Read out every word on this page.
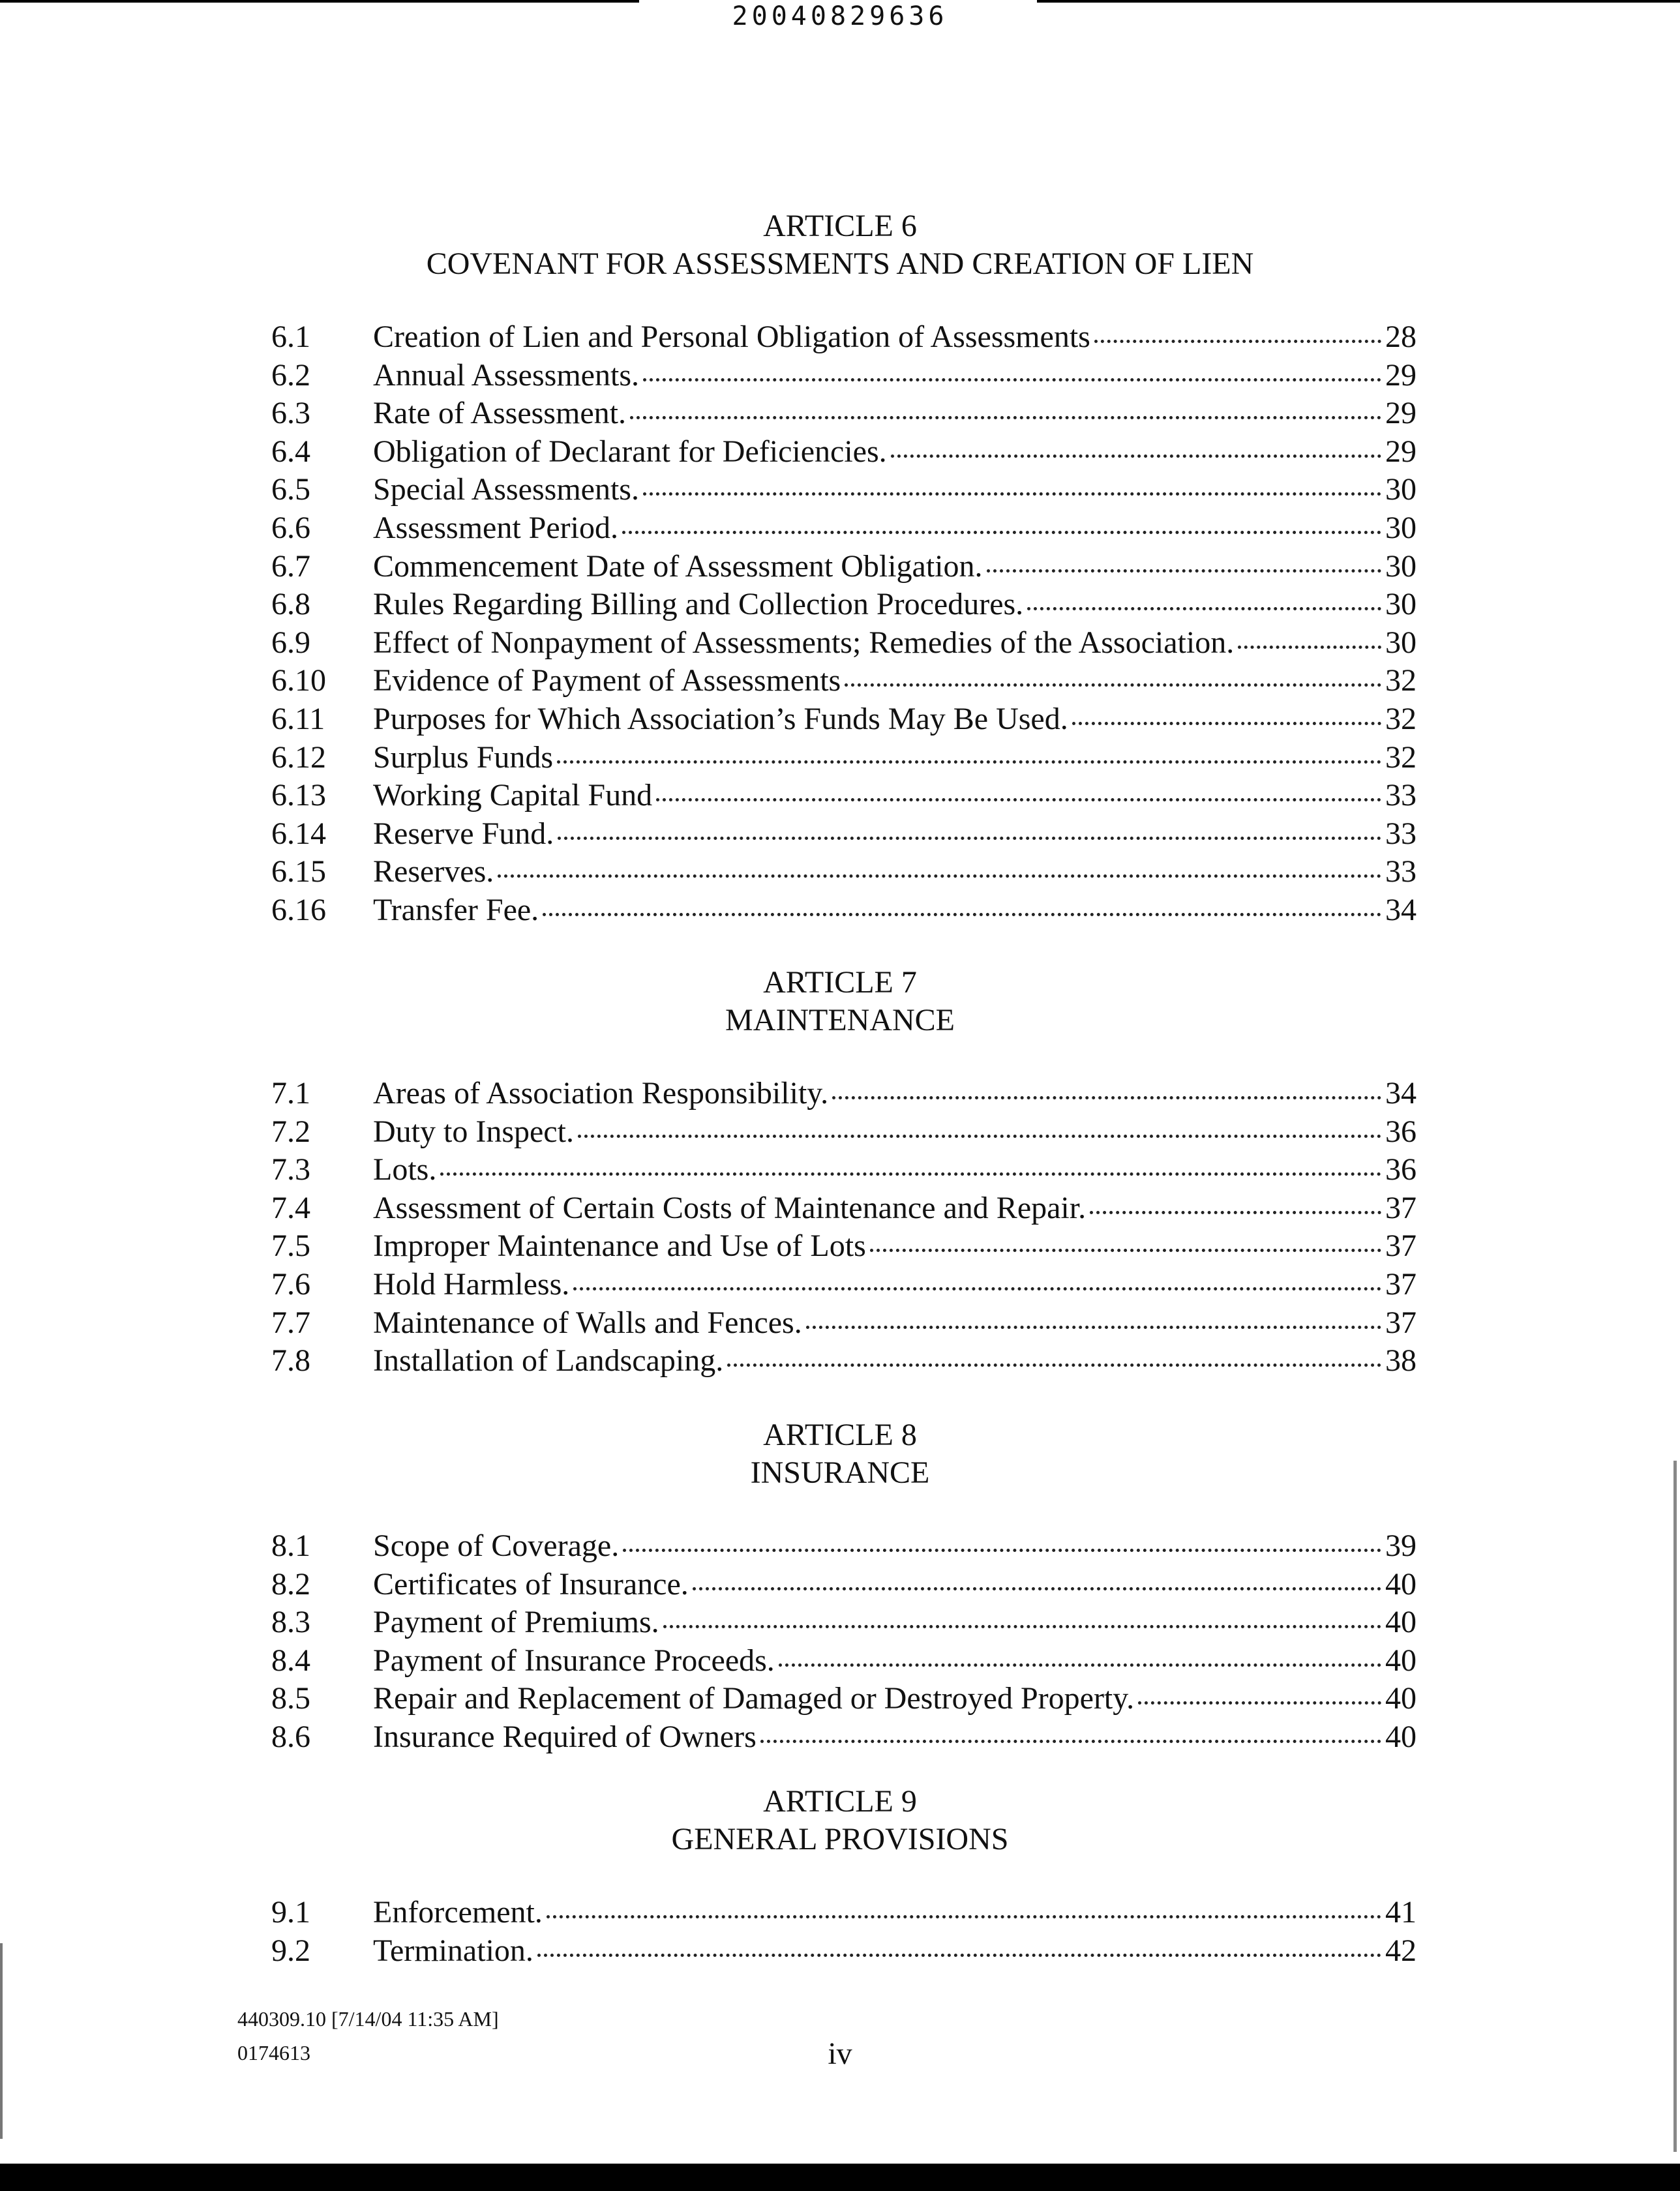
20040829636
ARTICLE 6
COVENANT FOR ASSESSMENTS AND CREATION OF LIEN
6.1 Creation of Lien and Personal Obligation of Assessments	28
6.2 Annual Assessments.	29
6.3 Rate of Assessment.	29
6.4 Obligation of Declarant for Deficiencies.	29
6.5 Special Assessments.	30
6.6 Assessment Period.	30
6.7 Commencement Date of Assessment Obligation.	30
6.8 Rules Regarding Billing and Collection Procedures.	30
6.9 Effect of Nonpayment of Assessments; Remedies of the Association.	30
6.10 Evidence of Payment of Assessments	32
6.11 Purposes for Which Association’s Funds May Be Used.	32
6.12 Surplus Funds	32
6.13 Working Capital Fund	33
6.14 Reserve Fund.	33
6.15 Reserves.	33
6.16 Transfer Fee.	34
ARTICLE 7
MAINTENANCE
7.1 Areas of Association Responsibility.	34
7.2 Duty to Inspect.	36
7.3 Lots.	36
7.4 Assessment of Certain Costs of Maintenance and Repair.	37
7.5 Improper Maintenance and Use of Lots	37
7.6 Hold Harmless.	37
7.7 Maintenance of Walls and Fences.	37
7.8 Installation of Landscaping.	38
ARTICLE 8
INSURANCE
8.1 Scope of Coverage.	39
8.2 Certificates of Insurance.	40
8.3 Payment of Premiums.	40
8.4 Payment of Insurance Proceeds.	40
8.5 Repair and Replacement of Damaged or Destroyed Property.	40
8.6 Insurance Required of Owners	40
ARTICLE 9
GENERAL PROVISIONS
9.1 Enforcement.	41
9.2 Termination.	42
440309.10 [7/14/04 11:35 AM]
0174613	iv
